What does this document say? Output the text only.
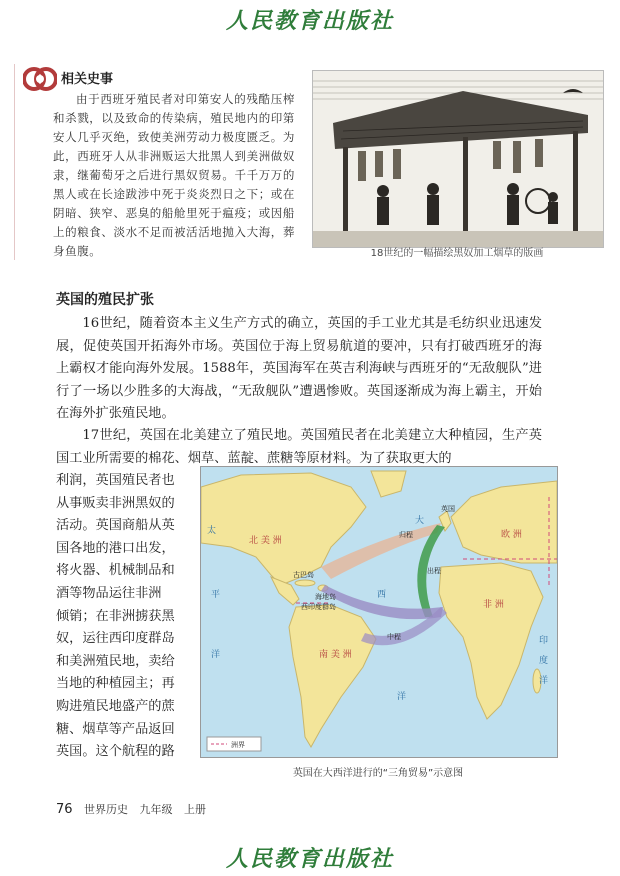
人民教育出版社
相关史事
由于西班牙殖民者对印第安人的残酷压榨和杀戮，以及致命的传染病，殖民地内的印第安人几乎灭绝，致使美洲劳动力极度匮乏。为此，西班牙人从非洲贩运大批黑人到美洲做奴隶，继葡萄牙之后进行黑奴贸易。千千万万的黑人或在长途跋涉中死于炎炎烈日之下；或在阴暗、狭窄、恶臭的船舱里死于瘟疫；或因船上的粮食、淡水不足而被活活地抛入大海，葬身鱼腹。	18世纪的一幅描绘黑奴加工烟草的版画
英国的殖民扩张
16世纪，随着资本主义生产方式的确立，英国的手工业尤其是毛纺织业迅速发展，促使英国开拓海外市场。英国位于海上贸易航道的要冲，只有打破西班牙的海上霸权才能向海外发展。1588年，英国海军在英吉利海峡与西班牙的“无敌舰队”进行了一场以少胜多的大海战，“无敌舰队”遭遇惨败。英国逐渐成为海上霸主，开始在海外扩张殖民地。
17世纪，英国在北美建立了殖民地。英国殖民者在北美建立大种植园，生产英国工业所需要的棉花、烟草、蓝靛、蔗糖等原材料。为了获取更大的
利润，英国殖民者也
从事贩卖非洲黑奴的
活动。英国商船从英
国各地的港口出发，
将火器、机械制品和
酒等物品运往非洲
倾销；在非洲掳获黑
奴，运往西印度群岛
和美洲殖民地，卖给
当地的种植园主；再
购进殖民地盛产的蔗
糖、烟草等产品返回
英国。这个航程的路
太
平
洋
大
西
洋
印
度
洋
北 美 洲
南 美 洲
欧 洲
非 洲
英国
归程
出程
中程
古巴岛
海地岛
西印度群岛
洲界
英国在大西洋进行的“三角贸易”示意图
76 世界历史 九年级 上册
人民教育出版社
